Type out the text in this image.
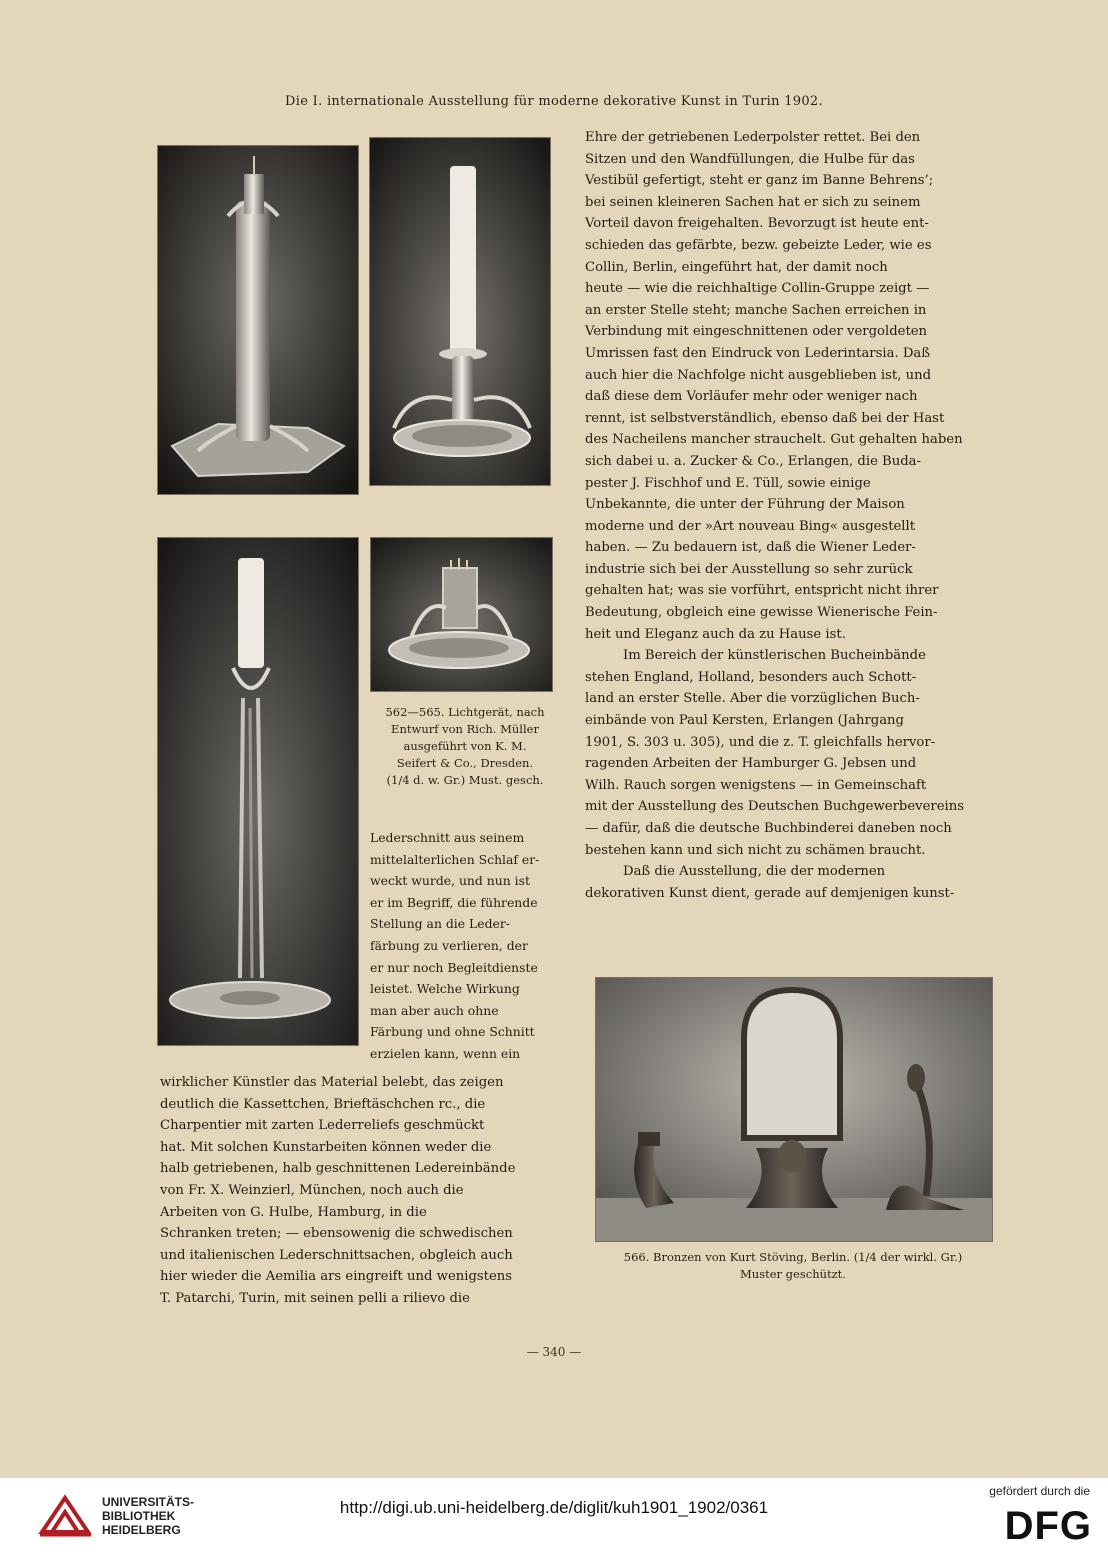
Die I. internationale Ausstellung für moderne dekorative Kunst in Turin 1902.
562—565. Lichtgerät, nach
Entwurf von Rich. Müller
ausgeführt von K. M.
Seifert & Co., Dresden.
(1/4 d. w. Gr.) Must. gesch.
566. Bronzen von Kurt Stöving, Berlin. (1/4 der wirkl. Gr.)
Muster geschützt.

Ehre der getriebenen Lederpolster rettet. Bei den

Sitzen und den Wandfüllungen, die Hulbe für das

Vestibül gefertigt, steht er ganz im Banne Behrens’;

bei seinen kleineren Sachen hat er sich zu seinem

Vorteil davon freigehalten. Bevorzugt ist heute ent-

schieden das gefärbte, bezw. gebeizte Leder, wie es

Collin, Berlin, eingeführt hat, der damit noch

heute — wie die reichhaltige Collin-Gruppe zeigt —

an erster Stelle steht; manche Sachen erreichen in

Verbindung mit eingeschnittenen oder vergoldeten

Umrissen fast den Eindruck von Lederintarsia. Daß

auch hier die Nachfolge nicht ausgeblieben ist, und

daß diese dem Vorläufer mehr oder weniger nach

rennt, ist selbstverständlich, ebenso daß bei der Hast

des Nacheilens mancher strauchelt. Gut gehalten haben

sich dabei u. a. Zucker & Co., Erlangen, die Buda-

pester J. Fischhof und E. Tüll, sowie einige

Unbekannte, die unter der Führung der Maison

moderne und der »Art nouveau Bing« ausgestellt

haben. — Zu bedauern ist, daß die Wiener Leder-

industrie sich bei der Ausstellung so sehr zurück

gehalten hat; was sie vorführt, entspricht nicht ihrer

Bedeutung, obgleich eine gewisse Wienerische Fein-

heit und Eleganz auch da zu Hause ist.

Im Bereich der künstlerischen Bucheinbände

stehen England, Holland, besonders auch Schott-

land an erster Stelle. Aber die vorzüglichen Buch-

einbände von Paul Kersten, Erlangen (Jahrgang

1901, S. 303 u. 305), und die z. T. gleichfalls hervor-

ragenden Arbeiten der Hamburger G. Jebsen und

Wilh. Rauch sorgen wenigstens — in Gemeinschaft

mit der Ausstellung des Deutschen Buchgewerbevereins

— dafür, daß die deutsche Buchbinderei daneben noch

bestehen kann und sich nicht zu schämen braucht.

Daß die Ausstellung, die der modernen

dekorativen Kunst dient, gerade auf demjenigen kunst-

Lederschnitt aus seinem

mittelalterlichen Schlaf er-

weckt wurde, und nun ist

er im Begriff, die führende

Stellung an die Leder-

färbung zu verlieren, der

er nur noch Begleitdienste

leistet. Welche Wirkung

man aber auch ohne

Färbung und ohne Schnitt

erzielen kann, wenn ein

wirklicher Künstler das Material belebt, das zeigen

deutlich die Kassettchen, Brieftäschchen rc., die

Charpentier mit zarten Lederreliefs geschmückt

hat. Mit solchen Kunstarbeiten können weder die

halb getriebenen, halb geschnittenen Ledereinbände

von Fr. X. Weinzierl, München, noch auch die

Arbeiten von G. Hulbe, Hamburg, in die

Schranken treten; — ebensowenig die schwedischen

und italienischen Lederschnittsachen, obgleich auch

hier wieder die Aemilia ars eingreift und wenigstens

T. Patarchi, Turin, mit seinen pelli a rilievo die

— 340 —
UNIVERSITÄTS-
BIBLIOTHEK
HEIDELBERG
http://digi.ub.uni-heidelberg.de/diglit/kuh1901_1902/0361
gefördert durch die
DFG
